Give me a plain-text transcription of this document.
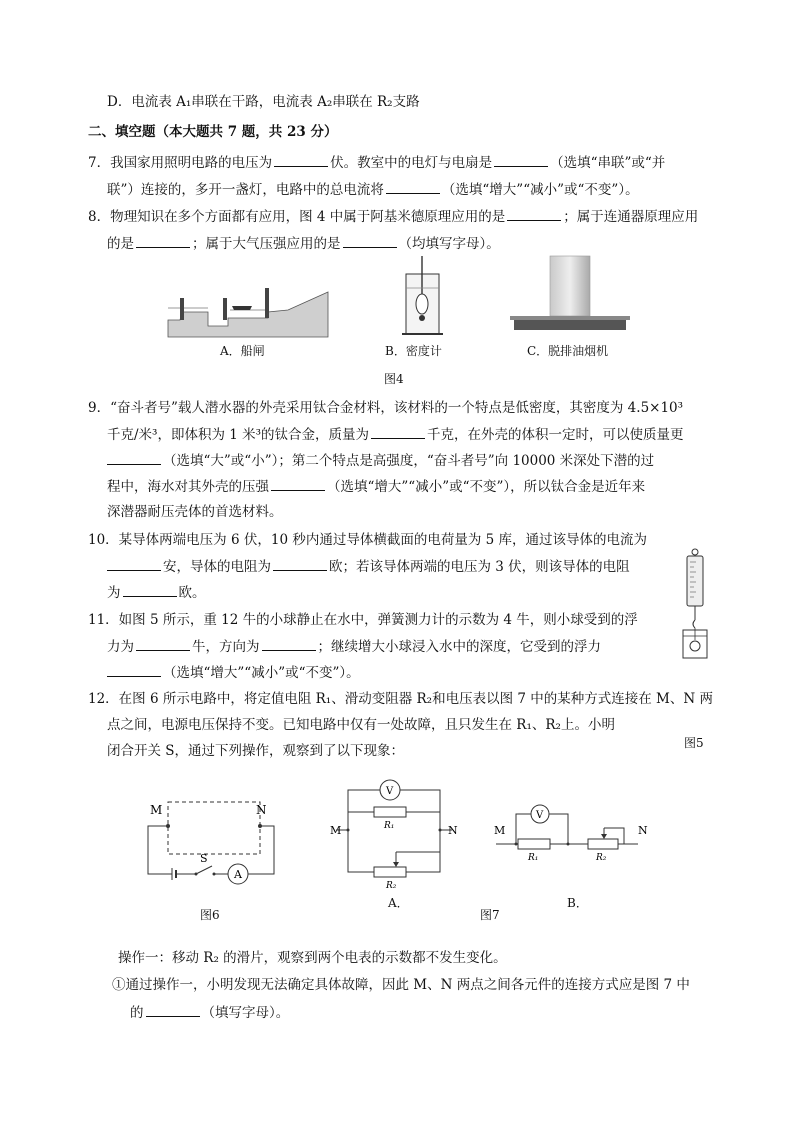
D．电流表 A₁串联在干路，电流表 A₂串联在 R₂支路
二、填空题（本大题共 7 题，共 23 分）
7．我国家用照明电路的电压为	伏。教室中的电灯与电扇是	（选填“串联”或“并
联”）连接的，多开一盏灯，电路中的总电流将	（选填“增大”“减小”或“不变”）。
8．物理知识在多个方面都有应用，图 4 中属于阿基米德原理应用的是	；属于连通器原理应用
的是	；属于大气压强应用的是	（均填写字母）。
A．船闸	B．密度计	C．脱排油烟机
图4
9．“奋斗者号”载人潜水器的外壳采用钛合金材料，该材料的一个特点是低密度，其密度为 4.5×10³
千克/米³，即体积为 1 米³的钛合金，质量为	千克，在外壳的体积一定时，可以使质量更
（选填“大”或“小”）；第二个特点是高强度，“奋斗者号”向 10000 米深处下潜的过
程中，海水对其外壳的压强	（选填“增大”“减小”或“不变”），所以钛合金是近年来
深潜器耐压壳体的首选材料。
10．某导体两端电压为 6 伏，10 秒内通过导体横截面的电荷量为 5 库，通过该导体的电流为
安，导体的电阻为	欧；若该导体两端的电压为 3 伏，则该导体的电阻
为	欧。
11．如图 5 所示，重 12 牛的小球静止在水中，弹簧测力计的示数为 4 牛，则小球受到的浮
力为	牛，方向为	；继续增大小球浸入水中的深度，它受到的浮力
（选填“增大”“减小”或“不变”）。
图5
12．在图 6 所示电路中，将定值电阻 R₁、滑动变阻器 R₂和电压表以图 7 中的某种方式连接在 M、N 两
点之间，电源电压保持不变。已知电路中仅有一处故障，且只发生在 R₁、R₂上。小明
闭合开关 S，通过下列操作，观察到了以下现象：
M	N
S
A
图6
M	N
V
R₁
R₂
A．
M	N
V
R₁	R₂
图7
B．
操作一：移动 R₂ 的滑片，观察到两个电表的示数都不发生变化。
①通过操作一，小明发现无法确定具体故障，因此 M、N 两点之间各元件的连接方式应是图 7 中
的	（填写字母）。
